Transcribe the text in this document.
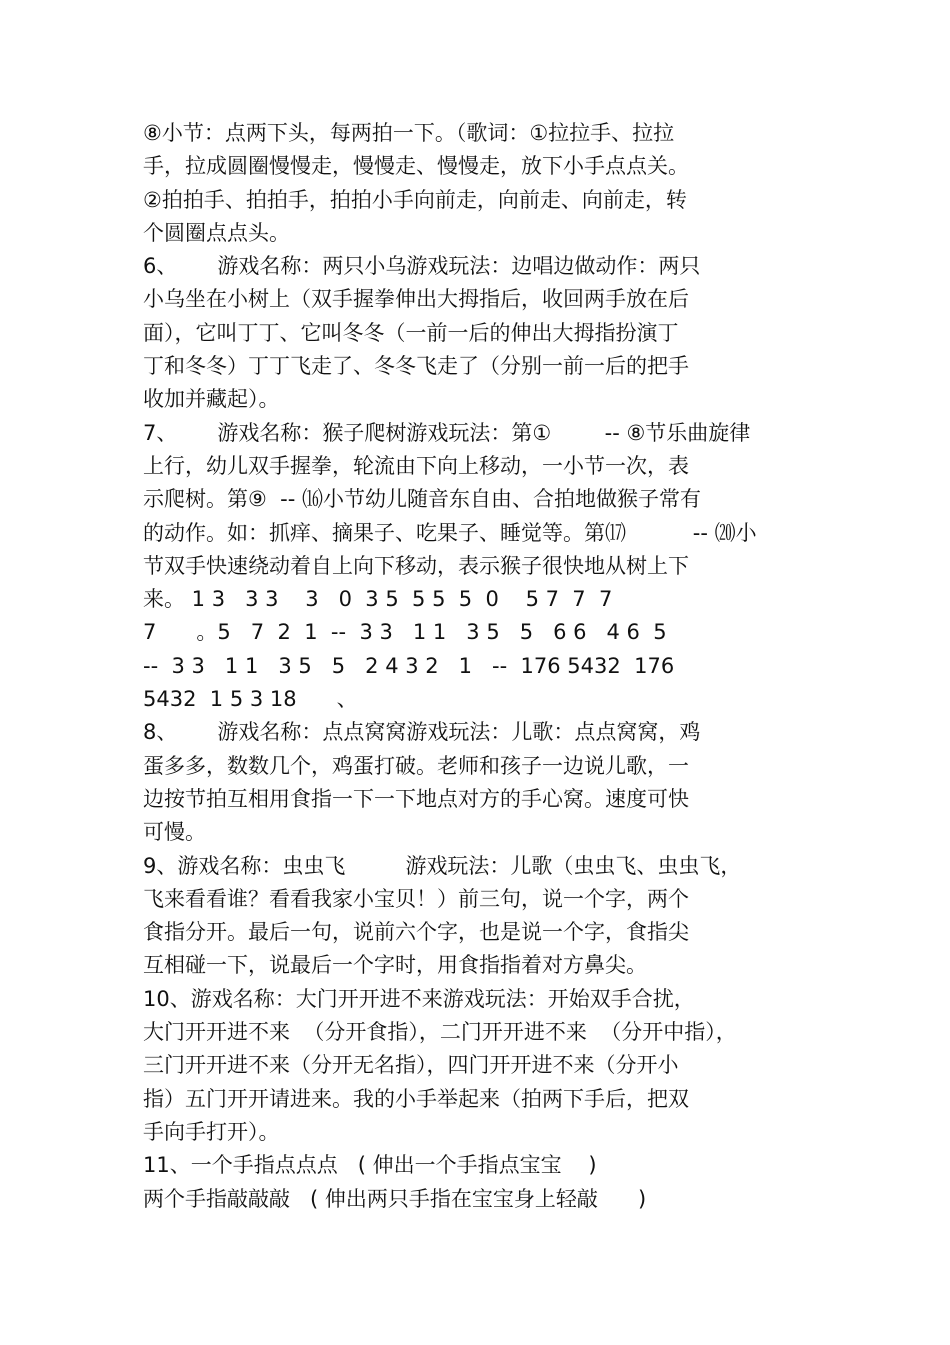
⑧小节：点两下头，每两拍一下。（歌词：①拉拉手、拉拉
手，拉成圆圈慢慢走，慢慢走、慢慢走，放下小手点点关。
②拍拍手、拍拍手，拍拍小手向前走，向前走、向前走，转
个圆圈点点头。
6、      游戏名称：两只小乌游戏玩法：边唱边做动作：两只
小乌坐在小树上（双手握拳伸出大拇指后，收回两手放在后
面），它叫丁丁、它叫冬冬（一前一后的伸出大拇指扮演丁
丁和冬冬）丁丁飞走了、冬冬飞走了（分别一前一后的把手
收加并藏起）。
7、      游戏名称：猴子爬树游戏玩法：第①        -- ⑧节乐曲旋律
上行，幼儿双手握拳，轮流由下向上移动，一小节一次，表
示爬树。第⑨  -- ⒃小节幼儿随音东自由、合拍地做猴子常有
的动作。如：抓痒、摘果子、吃果子、睡觉等。第⒄          -- ⒇小
节双手快速绕动着自上向下移动，表示猴子很快地从树上下
来。 1 3   3 3    3   0  3 5  5 5  5  0    5 7  7  7
7      。5   7  2  1  --  3 3   1 1   3 5   5   6 6   4 6  5
--  3 3   1 1   3 5   5   2 4 3 2   1   --  176 5432  176
5432  1 5 3 18      、
8、      游戏名称：点点窝窝游戏玩法：儿歌：点点窝窝，鸡
蛋多多，数数几个，鸡蛋打破。老师和孩子一边说儿歌，一
边按节拍互相用食指一下一下地点对方的手心窝。速度可快
可慢。
9、游戏名称：虫虫飞         游戏玩法：儿歌（虫虫飞、虫虫飞，
飞来看看谁？看看我家小宝贝！）前三句，说一个字，两个
食指分开。最后一句，说前六个字，也是说一个字，食指尖
互相碰一下，说最后一个字时，用食指指着对方鼻尖。
10、游戏名称：大门开开进不来游戏玩法：开始双手合扰，
大门开开进不来  （分开食指），二门开开进不来  （分开中指），
三门开开进不来（分开无名指），四门开开进不来（分开小
指）五门开开请进来。我的小手举起来（拍两下手后，把双
手向手打开）。
11、一个手指点点点   ( 伸出一个手指点宝宝    )
两个手指敲敲敲   ( 伸出两只手指在宝宝身上轻敲      )
